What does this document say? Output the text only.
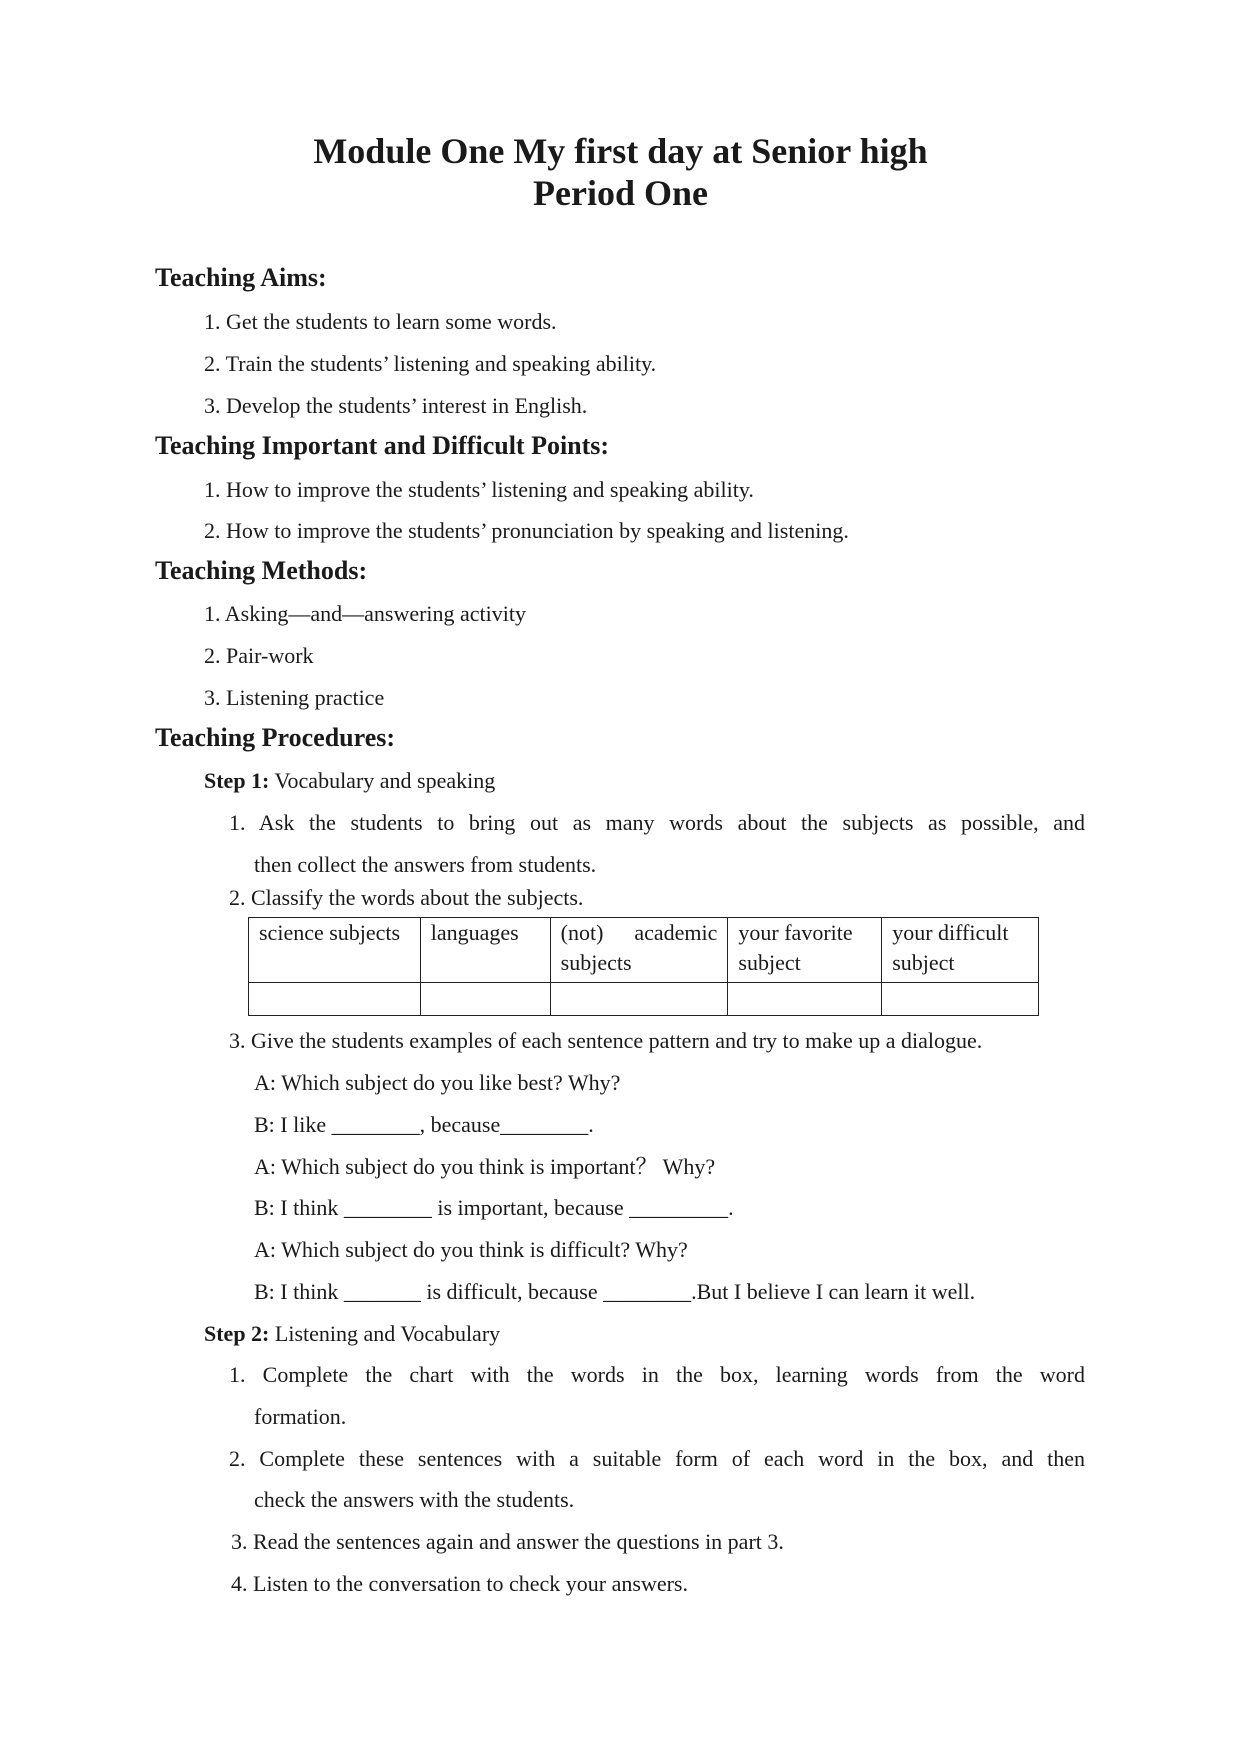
Module One My first day at Senior high
Period One
Teaching Aims:

1. Get the students to learn some words.

2. Train the students’ listening and speaking ability.

3. Develop the students’ interest in English.

Teaching Important and Difficult Points:

1. How to improve the students’ listening and speaking ability.

2. How to improve the students’ pronunciation by speaking and listening.

Teaching Methods:

1. Asking—and—answering activity

2. Pair-work

3. Listening practice

Teaching Procedures:

Step 1: Vocabulary and speaking

1. Ask the students to bring out as many words about the subjects as possible, and

then collect the answers from students.

2. Classify the words about the subjects.

science subjects	languages	(not) academic subjects	your favorite subject	your difficult subject

3. Give the students examples of each sentence pattern and try to make up a dialogue.

A: Which subject do you like best? Why?

B: I like ________, because________.

A: Which subject do you think is important？ Why?

B: I think ________ is important, because _________.

A: Which subject do you think is difficult? Why?

B: I think _______ is difficult, because ________.But I believe I can learn it well.

Step 2: Listening and Vocabulary

1. Complete the chart with the words in the box, learning words from the word

formation.

2. Complete these sentences with a suitable form of each word in the box, and then

check the answers with the students.

3. Read the sentences again and answer the questions in part 3.

4. Listen to the conversation to check your answers.
